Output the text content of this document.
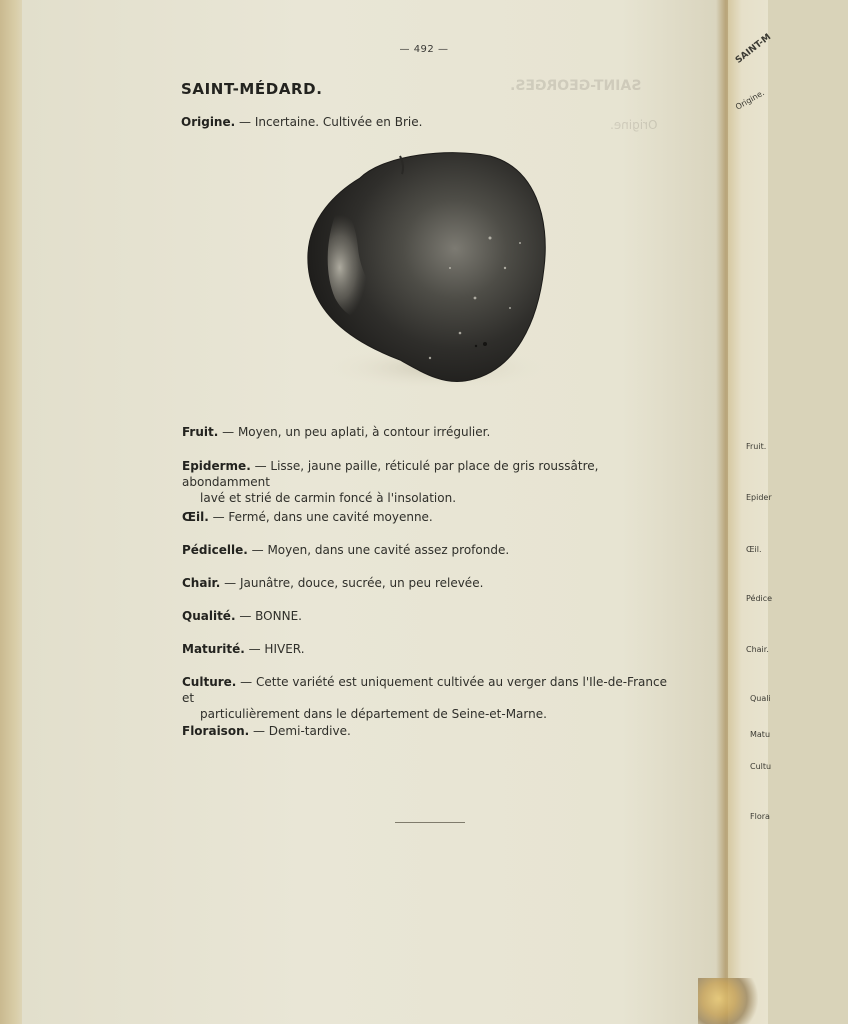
SAINT-GEORGES.
Origine.
— 492 —
SAINT-MÉDARD.
Origine. — Incertaine. Cultivée en Brie.
Fruit. — Moyen, un peu aplati, à contour irrégulier.
Epiderme. — Lisse, jaune paille, réticulé par place de gris roussâtre, abondamment
lavé et strié de carmin foncé à l'insolation.
Œil. — Fermé, dans une cavité moyenne.
Pédicelle. — Moyen, dans une cavité assez profonde.
Chair. — Jaunâtre, douce, sucrée, un peu relevée.
Qualité. — BONNE.
Maturité. — HIVER.
Culture. — Cette variété est uniquement cultivée au verger dans l'Ile-de-France et
particulièrement dans le département de Seine-et-Marne.
Floraison. — Demi-tardive.
SAINT-M
Origine.
Fruit.
Epider
Œil.
Pédice
Chair.
Quali
Matu
Cultu
Flora
